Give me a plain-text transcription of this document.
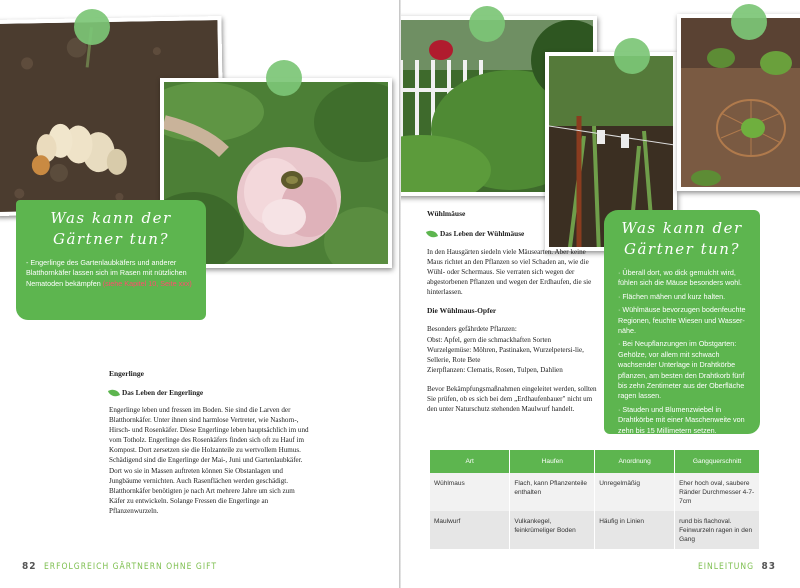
Was kann der
Gärtner tun?
- Engerlinge des Gartenlaubkäfers und anderer Blatthornkäfer lassen sich im Rasen mit nützlichen Nematoden bekämpfen (siehe Kapitel 10, Seite xxx)
Engerlinge
Das Leben der Engerlinge
Engerlinge leben und fressen im Boden. Sie sind die Larven der Blatthornkäfer. Unter ihnen sind harmlose Vertreter, wie Nashorn-, Hirsch- und Rosenkäfer. Diese Engerlinge leben hauptsächlich im und vom Totholz. Engerlinge des Rosenkäfers finden sich oft zu Hauf im Kompost. Dort zersetzen sie die Holzanteile zu wertvollem Humus. Schädigend sind die Engerlinge der Mai-, Juni und Gartenlaubkäfer. Dort wo sie in Massen auftreten können Sie Obstanlagen und Jungbäume vernichten. Auch Rasenflächen werden geschädigt.
Blatthornkäfer benötigten je nach Art mehrere Jahre um sich zum Käfer zu entwickeln. Solange Fressen die Engerlinge an Pflanzenwurzeln.
82 ERFOLGREICH GÄRTNERN OHNE GIFT
Was kann der
Gärtner tun?

· Überall dort, wo dick gemulcht wird, fühlen sich die Mäuse besonders wohl.

· Flächen mähen und kurz halten.

· Wühlmäuse bevorzugen bodenfeuchte Regionen, feuchte Wiesen und Wasser-nähe.

· Bei Neupflanzungen im Obstgarten: Gehölze, vor allem mit schwach wachsender Unterlage in Drahtkörbe pflanzen, am besten den Drahtkorb fünf bis zehn Zentimeter aus der Oberfläche ragen lassen.

· Stauden und Blumenzwiebel in Drahtkörbe mit einer Maschenweite von zehn bis 15 Millimetern setzen.

Wühlmäuse
Das Leben der Wühlmäuse
In den Hausgärten siedeln viele Mäusearten. Aber keine Maus richtet an den Pflanzen so viel Schaden an, wie die Wühl- oder Schermaus. Sie verraten sich wegen der abgestorbenen Pflanzen und wegen der Erdhaufen, die sie hinterlassen.
Die Wühlmaus-Opfer
Besonders gefährdete Pflanzen:
Obst: Apfel, gern die schmackhaften Sorten
Wurzelgemüse: Möhren, Pastinaken, Wurzelpetersi-lie, Sellerie, Rote Bete
Zierpflanzen: Clematis, Rosen, Tulpen, Dahlien
Bevor Bekämpfungsmaßnahmen eingeleitet werden, sollten Sie prüfen, ob es sich bei dem „Erdhaufenbauer" nicht um den unter Naturschutz stehenden Maulwurf handelt.
Art	Haufen	Anordnung	Gangquerschnitt
Wühlmaus	Flach, kann Pflanzenteile enthalten	Unregelmäßig	Eher hoch oval, saubere Ränder Durchmesser 4-7- 7cm
Maulwurf	Vulkankegel, feinkrümeliger Boden	Häufig in Linien	rund bis flachoval. Feinwurzeln ragen in den Gang
EINLEITUNG 83
